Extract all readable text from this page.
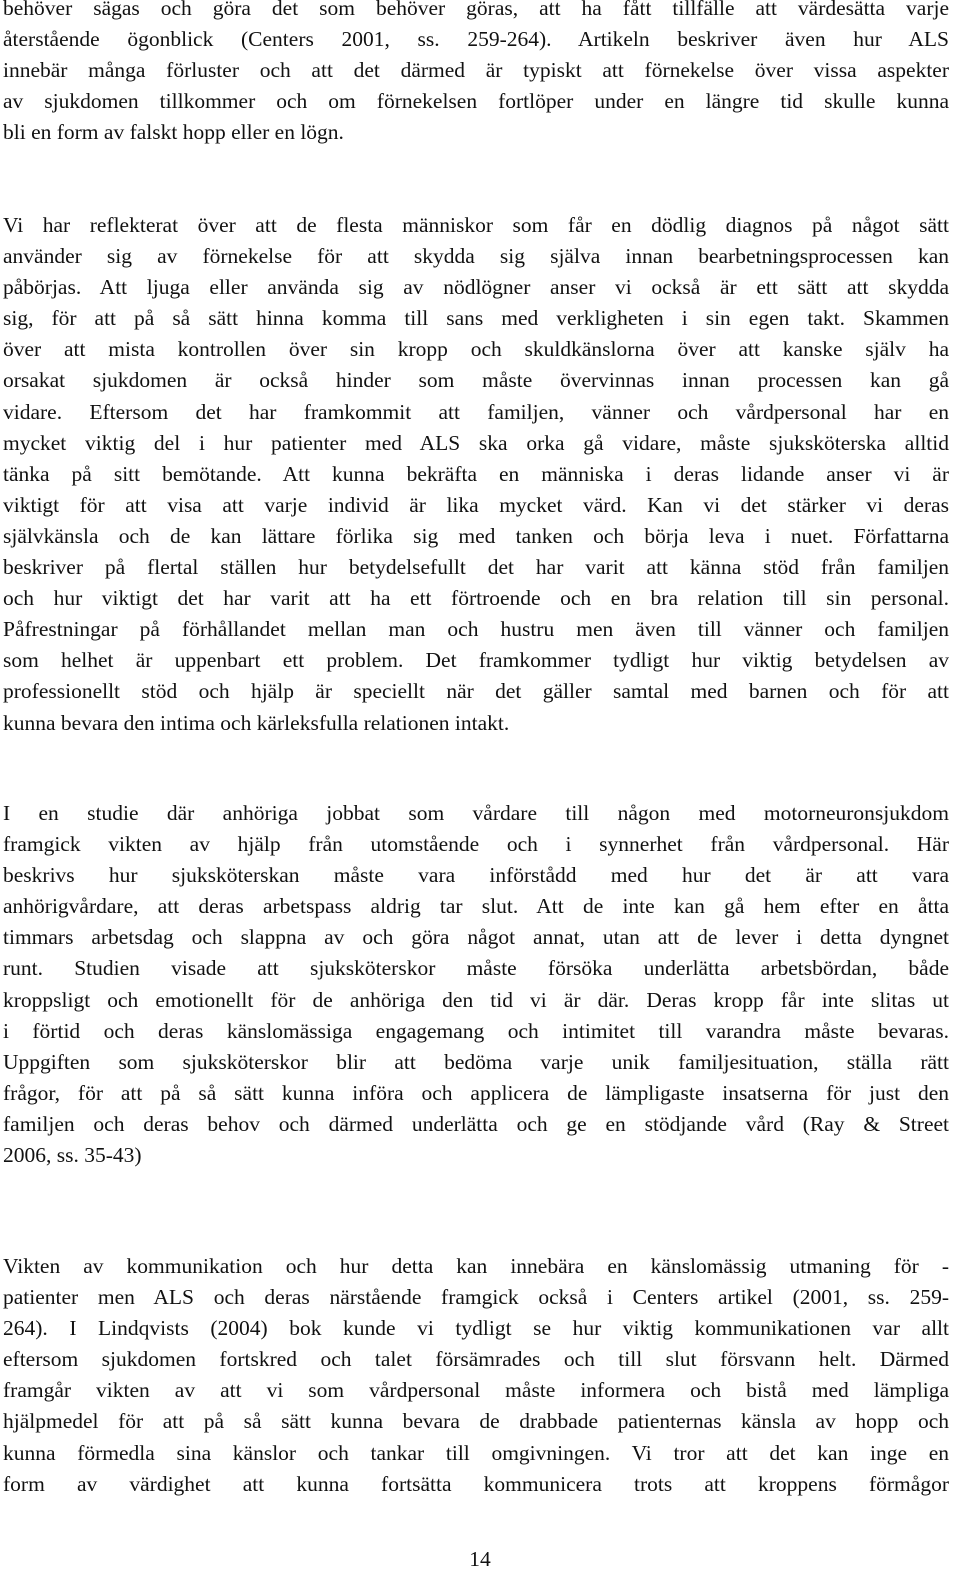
behöver sägas och göra det som behöver göras, att ha fått tillfälle att värdesätta varje
återstående ögonblick (Centers 2001, ss. 259-264). Artikeln beskriver även hur ALS
innebär många förluster och att det därmed är typiskt att förnekelse över vissa aspekter
av sjukdomen tillkommer och om förnekelsen fortlöper under en längre tid skulle kunna
bli en form av falskt hopp eller en lögn.
Vi har reflekterat över att de flesta människor som får en dödlig diagnos på något sätt
använder sig av förnekelse för att skydda sig själva innan bearbetningsprocessen kan
påbörjas. Att ljuga eller använda sig av nödlögner anser vi också är ett sätt att skydda
sig, för att på så sätt hinna komma till sans med verkligheten i sin egen takt. Skammen
över att mista kontrollen över sin kropp och skuldkänslorna över att kanske själv ha
orsakat sjukdomen är också hinder som måste övervinnas innan processen kan gå
vidare. Eftersom det har framkommit att familjen, vänner och vårdpersonal har en
mycket viktig del i hur patienter med ALS ska orka gå vidare, måste sjuksköterska alltid
tänka på sitt bemötande. Att kunna bekräfta en människa i deras lidande anser vi är
viktigt för att visa att varje individ är lika mycket värd. Kan vi det stärker vi deras
självkänsla och de kan lättare förlika sig med tanken och börja leva i nuet. Författarna
beskriver på flertal ställen hur betydelsefullt det har varit att känna stöd från familjen
och hur viktigt det har varit att ha ett förtroende och en bra relation till sin personal.
Påfrestningar på förhållandet mellan man och hustru men även till vänner och familjen
som helhet är uppenbart ett problem. Det framkommer tydligt hur viktig betydelsen av
professionellt stöd och hjälp är speciellt när det gäller samtal med barnen och för att
kunna bevara den intima och kärleksfulla relationen intakt.
I en studie där anhöriga jobbat som vårdare till någon med motorneuronsjukdom
framgick vikten av hjälp från utomstående och i synnerhet från vårdpersonal. Här
beskrivs hur sjuksköterskan måste vara införstådd med hur det är att vara
anhörigvårdare, att deras arbetspass aldrig tar slut. Att de inte kan gå hem efter en åtta
timmars arbetsdag och slappna av och göra något annat, utan att de lever i detta dyngnet
runt. Studien visade att sjuksköterskor måste försöka underlätta arbetsbördan, både
kroppsligt och emotionellt för de anhöriga den tid vi är där. Deras kropp får inte slitas ut
i förtid och deras känslomässiga engagemang och intimitet till varandra måste bevaras.
Uppgiften som sjuksköterskor blir att bedöma varje unik familjesituation, ställa rätt
frågor, för att på så sätt kunna införa och applicera de lämpligaste insatserna för just den
familjen och deras behov och därmed underlätta och ge en stödjande vård (Ray & Street
2006, ss. 35-43)
Vikten av kommunikation och hur detta kan innebära en känslomässig utmaning för -
patienter men ALS och deras närstående framgick också i Centers artikel (2001, ss. 259-
264). I Lindqvists (2004) bok kunde vi tydligt se hur viktig kommunikationen var allt
eftersom sjukdomen fortskred och talet försämrades och till slut försvann helt. Därmed
framgår vikten av att vi som vårdpersonal måste informera och bistå med lämpliga
hjälpmedel för att på så sätt kunna bevara de drabbade patienternas känsla av hopp och
kunna förmedla sina känslor och tankar till omgivningen. Vi tror att det kan inge en
form av värdighet att kunna fortsätta kommunicera trots att kroppens förmågor
14
